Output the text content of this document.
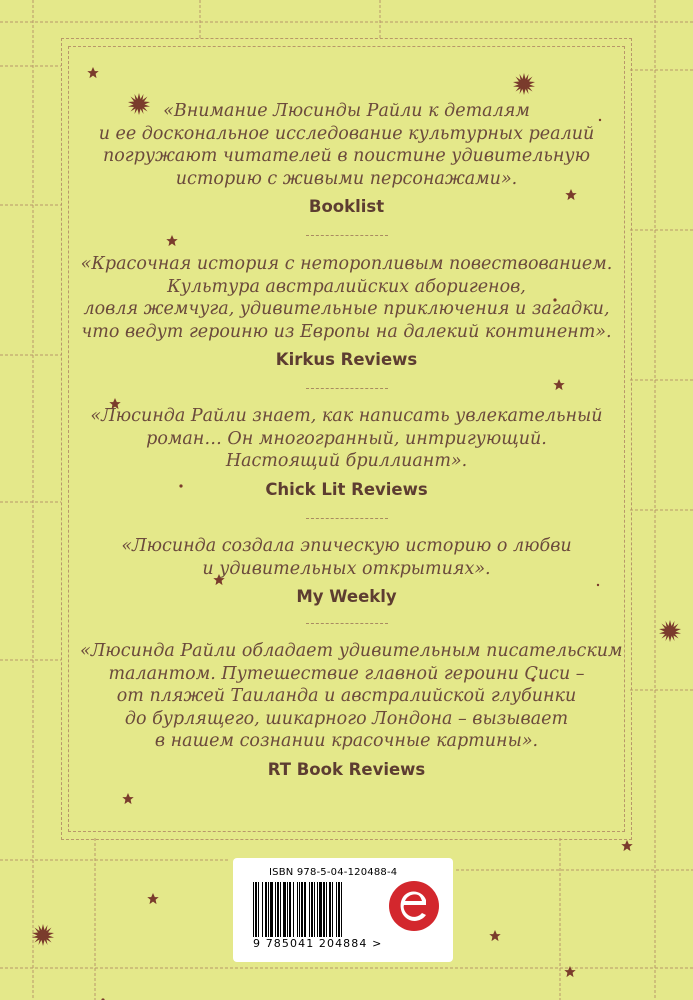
«Внимание Люсинды Райли к деталям
и ее доскональное исследование культурных реалий
погружают читателей в поистине удивительную
историю с живыми персонажами».

Booklist

«Красочная история с неторопливым повествованием.
Культура австралийских аборигенов,
ловля жемчуга, удивительные приключения и загадки,
что ведут героиню из Европы на далекий континент».

Kirkus Reviews

«Люсинда Райли знает, как написать увлекательный
роман… Он многогранный, интригующий.
Настоящий бриллиант».

Chick Lit Reviews

«Люсинда создала эпическую историю о любви
и удивительных открытиях».

My Weekly

«Люсинда Райли обладает удивительным писательским
талантом. Путешествие главной героини Сиси –
от пляжей Таиланда и австралийской глубинки
до бурлящего, шикарного Лондона – вызывает
в нашем сознании красочные картины».

RT Book Reviews
ISBN 978-5-04-120488-4
9 785041 204884 >
